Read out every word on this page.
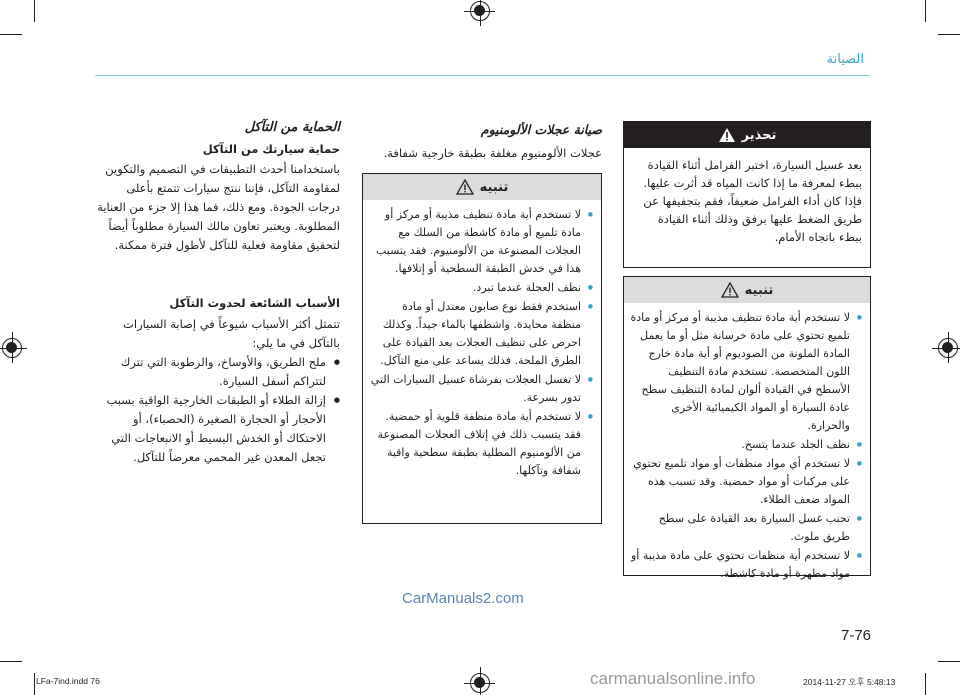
الصيانة
تحذير
بعد غسيل السيارة، اختبر الفرامل أثناء القيادة ببطء لمعرفة ما إذا كانت المياه قد أثرت عليها. فإذا كان أداء الفرامل ضعيفاً، فقم بتجفيفها عن طريق الضغط عليها برفق وذلك أثناء القيادة ببطء باتجاه الأمام.
تنبيه
● لا تستخدم أية مادة تنظيف مذيبة أو مركز أو مادة تلميع تحتوي على مادة خرسانة مثل أو ما يعمل المادة الملونة من الصوديوم أو أية مادة خارج اللون المتخصصة. تستخدم مادة التنظيف الأسطح في القيادة ألوان لمادة التنظيف سطح عادة السيارة أو المواد الكيميائية الأخرى والحرارة.
● نظف الجلد عندما يتسخ.
● لا تستخدم أي مواد منظفات أو مواد تلميع تحتوي على مركبات أو مواد حمضية. وقد تسبب هذه المواد ضعف الطلاء.
● تجنب غسل السيارة بعد القيادة على سطح طريق ملوث.
● لا تستخدم أية منظفات تحتوي على مادة مذيبة أو مواد مطهرة أو مادة كاشطة.
صيانة عجلات الألومنيوم
عجلات الألومنيوم مغلفة بطبقة خارجية شفافة.
تنبيه
● لا تستخدم أية مادة تنظيف مذيبة أو مركز أو مادة تلميع أو مادة كاشطة من السلك مع العجلات المصنوعة من الألومنيوم. فقد يتسبب هذا في خدش الطبقة السطحية أو إتلافها.
● نظف العجلة عندما تبرد.
● استخدم فقط نوع صابون معتدل أو مادة منظفة محايدة. واشطفها بالماء جيداً. وكذلك احرص على تنظيف العجلات بعد القيادة على الطرق الملحة. فذلك يساعد على منع التآكل.
● لا تغسل العجلات بفرشاة غسيل السيارات التي تدور بسرعة.
● لا تستخدم أية مادة منظفة قلوية أو حمضية. فقد يتسبب ذلك في إتلاف العجلات المصنوعة من الألومنيوم المطلية بطبقة سطحية واقية شفافة وتآكلها.
الحماية من التآكل
حماية سيارتك من التآكل
باستخدامنا أحدث التطبيقات في التصميم والتكوين لمقاومة التآكل، فإننا ننتج سيارات تتمتع بأعلى درجات الجودة. ومع ذلك، فما هذا إلا جزء من العناية المطلوبة. ويعتبر تعاون مالك السيارة مطلوباً أيضاً لتحقيق مقاومة فعلية للتآكل لأطول فترة ممكنة.
الأسباب الشائعة لحدوث التآكل
تتمثل أكثر الأسباب شيوعاً في إصابة السيارات بالتآكل في ما يلي:
● ملح الطريق، والأوساخ، والرطوبة التي تترك لتتراكم أسفل السيارة.
● إزالة الطلاء أو الطبقات الخارجية الواقية بسبب الأحجار أو الحجارة الصغيرة (الحصباء)، أو الاحتكاك أو الخدش البسيط أو الانبعاجات التي تجعل المعدن غير المحمي معرضاً للتآكل.
CarManuals2.com
7-76
LFa-7ind.indd 76	carmanualsonline.info	2014-11-27 오후 5:48:13
